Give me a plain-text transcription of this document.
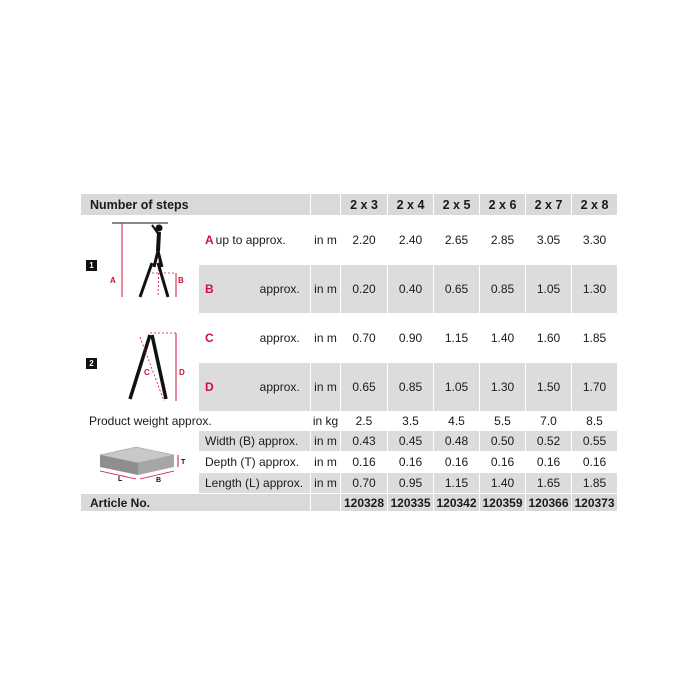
Number of steps			2 x 3	2 x 4	2 x 5	2 x 6	2 x 7	2 x 8

1
A B	A up to approx.	in m	2.20	2.40	2.65	2.85	3.05	3.30
	B approx.	in m	0.20	0.40	0.65	0.85	1.05	1.30

2
C D	C approx.	in m	0.70	0.90	1.15	1.40	1.60	1.85
	D approx.	in m	0.65	0.85	1.05	1.30	1.50	1.70
Product weight approx.		in kg	2.5	3.5	4.5	5.5	7.0	8.5

T
L B	Width (B) approx.	in m	0.43	0.45	0.48	0.50	0.52	0.55
	Depth (T) approx.	in m	0.16	0.16	0.16	0.16	0.16	0.16
	Length (L) approx.	in m	0.70	0.95	1.15	1.40	1.65	1.85
Article No.			120328	120335	120342	120359	120366	120373
